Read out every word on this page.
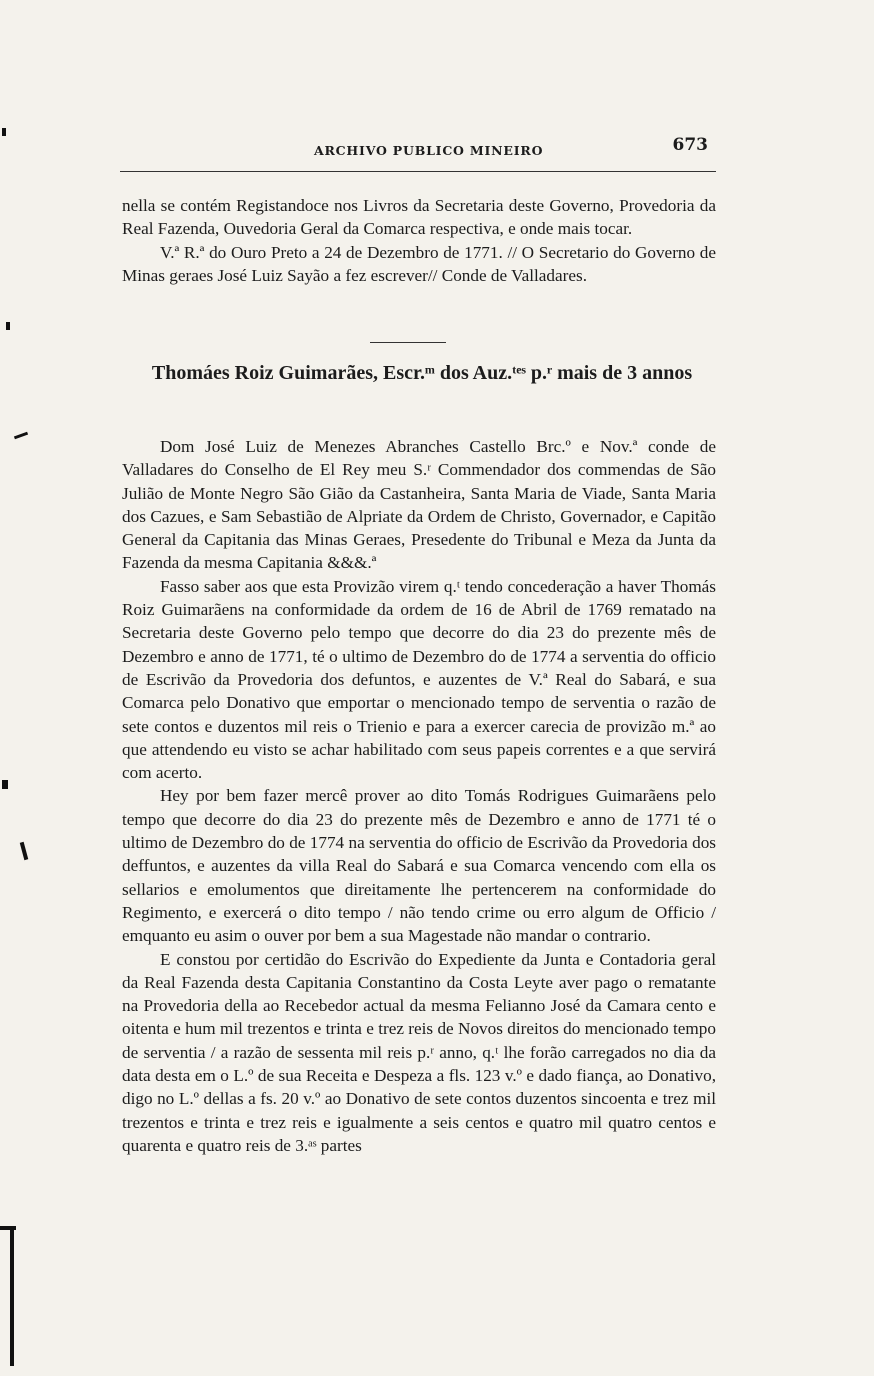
ARCHIVO PUBLICO MINEIRO	673

nella se contém Registandoce nos Livros da Secretaria deste Governo, Provedoria da Real Fazenda, Ouvedoria Geral da Comarca respectiva, e onde mais tocar.

V.ª R.ª do Ouro Preto a 24 de Dezembro de 1771. // O Secretario do Governo de Minas geraes José Luiz Sayão a fez escrever// Conde de Valladares.

Thomáes Roiz Guimarães, Escr.ᵐ dos Auz.ᵗᵉˢ p.ʳ mais de 3 annos

Dom José Luiz de Menezes Abranches Castello Brc.º e Nov.ª conde de Valladares do Conselho de El Rey meu S.ʳ Commendador dos commendas de São Julião de Monte Negro São Gião da Castanheira, Santa Maria de Viade, Santa Maria dos Cazues, e Sam Sebastião de Alpriate da Ordem de Christo, Governador, e Capitão General da Capitania das Minas Geraes, Presedente do Tribunal e Meza da Junta da Fazenda da mesma Capitania &&&.ª

Fasso saber aos que esta Provizão virem q.ᵗ tendo concederação a haver Thomás Roiz Guimarãens na conformidade da ordem de 16 de Abril de 1769 rematado na Secretaria deste Governo pelo tempo que decorre do dia 23 do prezente mês de Dezembro e anno de 1771, té o ultimo de Dezembro do de 1774 a serventia do officio de Escrivão da Provedoria dos defuntos, e auzentes de V.ª Real do Sabará, e sua Comarca pelo Donativo que emportar o mencionado tempo de serventia o razão de sete contos e duzentos mil reis o Trienio e para a exercer carecia de provizão m.ª ao que attendendo eu visto se achar habilitado com seus papeis correntes e a que servirá com acerto.

Hey por bem fazer mercê prover ao dito Tomás Rodrigues Guimarãens pelo tempo que decorre do dia 23 do prezente mês de Dezembro e anno de 1771 té o ultimo de Dezembro do de 1774 na serventia do officio de Escrivão da Provedoria dos deffuntos, e auzentes da villa Real do Sabará e sua Comarca vencendo com ella os sellarios e emolumentos que direitamente lhe pertencerem na conformidade do Regimento, e exercerá o dito tempo / não tendo crime ou erro algum de Officio / emquanto eu asim o ouver por bem a sua Magestade não mandar o contrario.

E constou por certidão do Escrivão do Expediente da Junta e Contadoria geral da Real Fazenda desta Capitania Constantino da Costa Leyte aver pago o rematante na Provedoria della ao Recebedor actual da mesma Felianno José da Camara cento e oitenta e hum mil trezentos e trinta e trez reis de Novos direitos do mencionado tempo de serventia / a razão de sessenta mil reis p.ʳ anno, q.ᵗ lhe forão carregados no dia da data desta em o L.º de sua Receita e Despeza a fls. 123 v.º e dado fiança, ao Donativo, digo no L.º dellas a fs. 20 v.º ao Donativo de sete contos duzentos sincoenta e trez mil trezentos e trinta e trez reis e igualmente a seis centos e quatro mil quatro centos e quarenta e quatro reis de 3.ᵃˢ partes
